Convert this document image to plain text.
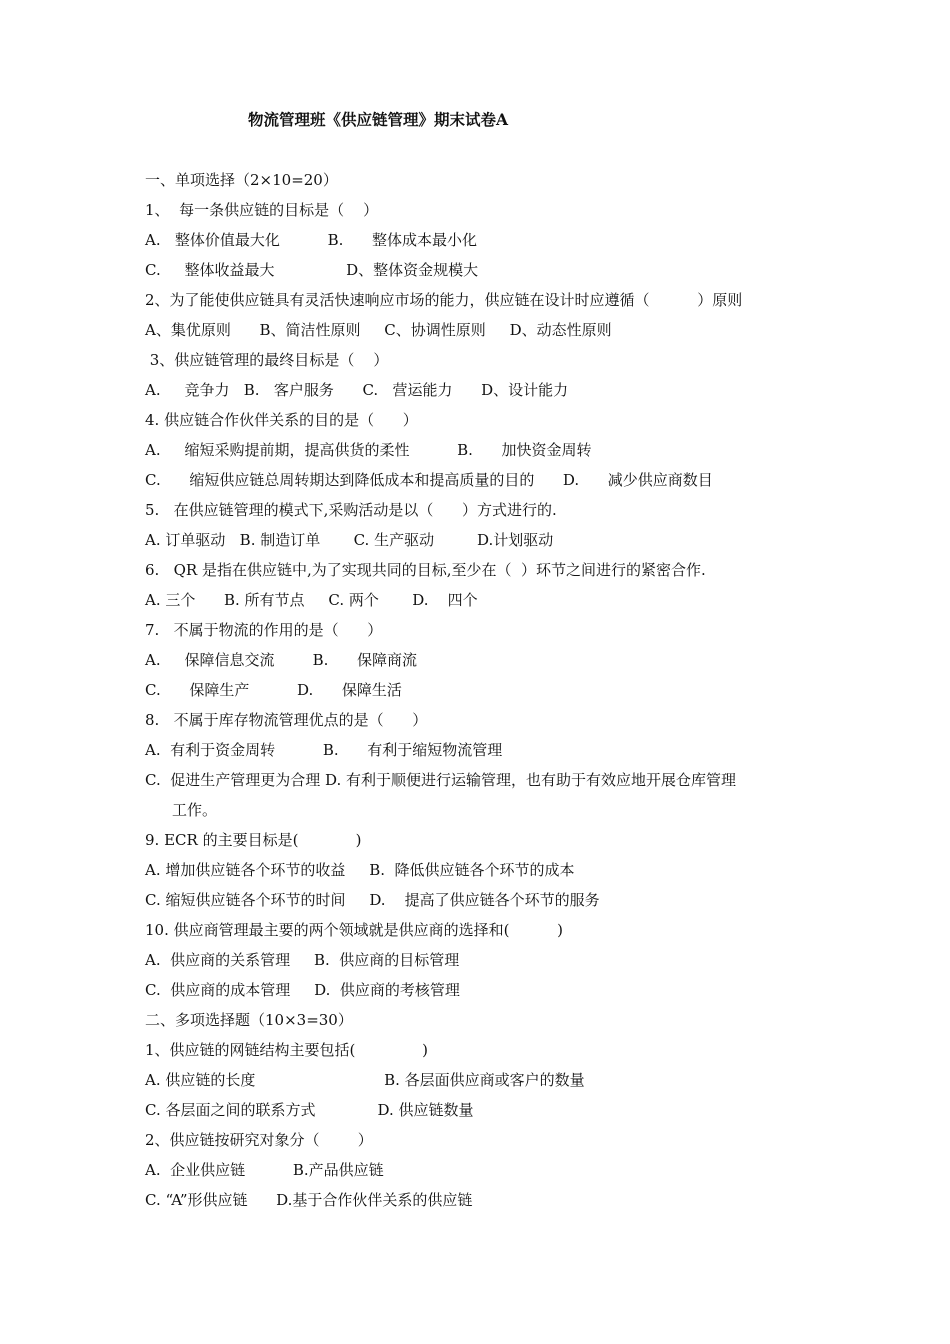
物流管理班《供应链管理》期末试卷A
一、单项选择（2×10=20）
1、  每一条供应链的目标是（    ）
A.   整体价值最大化          B.      整体成本最小化
C.     整体收益最大               D、整体资金规模大
2、为了能使供应链具有灵活快速响应市场的能力，供应链在设计时应遵循（          ）原则
A、集优原则      B、简洁性原则     C、协调性原则     D、动态性原则
3、供应链管理的最终目标是（    ）
A.     竞争力   B.   客户服务      C.   营运能力      D、设计能力
4. 供应链合作伙伴关系的目的是（      ）
A.     缩短采购提前期，提高供货的柔性          B.      加快资金周转
C.      缩短供应链总周转期达到降低成本和提高质量的目的      D.      减少供应商数目
5.   在供应链管理的模式下,采购活动是以（      ）方式进行的.
A. 订单驱动   B. 制造订单       C. 生产驱动         D.计划驱动
6.   QR 是指在供应链中,为了实现共同的目标,至少在（  ）环节之间进行的紧密合作.
A. 三个      B. 所有节点     C. 两个       D.    四个
7.   不属于物流的作用的是（      ）
A.     保障信息交流        B.      保障商流
C.      保障生产          D.      保障生活
8.   不属于库存物流管理优点的是（      ）
A.  有利于资金周转          B.      有利于缩短物流管理
C.  促进生产管理更为合理 D. 有利于顺便进行运输管理，也有助于有效应地开展仓库管理
工作。
9. ECR 的主要目标是(            )
A. 增加供应链各个环节的收益     B.  降低供应链各个环节的成本
C. 缩短供应链各个环节的时间     D.    提高了供应链各个环节的服务
10. 供应商管理最主要的两个领域就是供应商的选择和(          )
A.  供应商的关系管理     B.  供应商的目标管理
C.  供应商的成本管理     D.  供应商的考核管理
二、多项选择题（10×3=30）
1、供应链的网链结构主要包括(              )
A. 供应链的长度                           B. 各层面供应商或客户的数量
C. 各层面之间的联系方式             D. 供应链数量
2、供应链按研究对象分（        ）
A.  企业供应链          B.产品供应链
C. “A”形供应链      D.基于合作伙伴关系的供应链
